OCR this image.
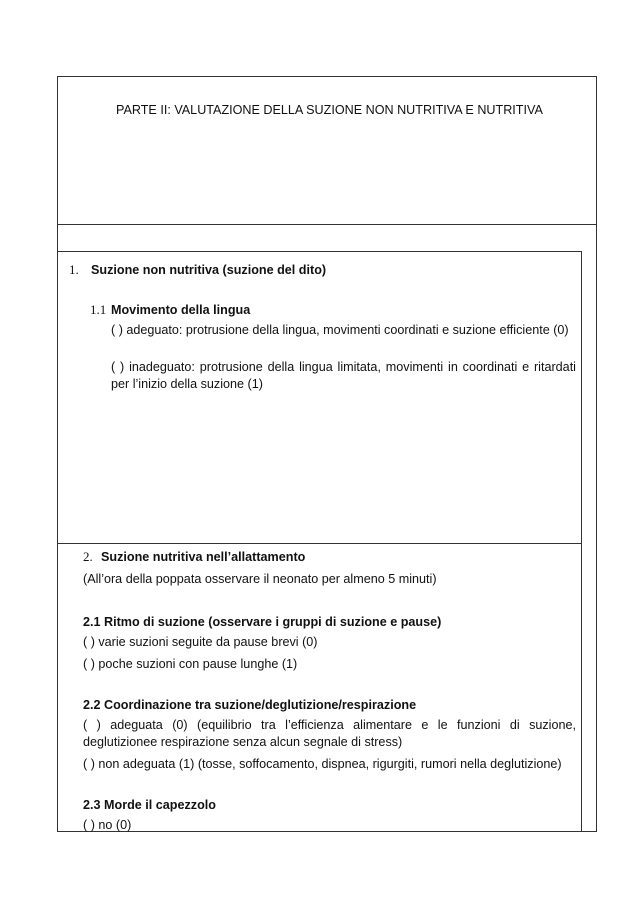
PARTE II: VALUTAZIONE DELLA SUZIONE NON NUTRITIVA E NUTRITIVA
1. Suzione non nutritiva (suzione del dito)
1.1 Movimento della lingua
( ) adeguato: protrusione della lingua, movimenti coordinati e suzione efficiente (0)
( ) inadeguato: protrusione della lingua limitata, movimenti in coordinati e ritardati per l’inizio della suzione (1)
2. Suzione nutritiva nell’allattamento
(All’ora della poppata osservare il neonato per almeno 5 minuti)
2.1 Ritmo di suzione (osservare i gruppi di suzione e pause)
( ) varie suzioni seguite da pause brevi (0)
( ) poche suzioni con pause lunghe (1)
2.2 Coordinazione tra suzione/deglutizione/respirazione
( ) adeguata (0) (equilibrio tra l’efficienza alimentare e le funzioni di suzione, deglutizionee respirazione senza alcun segnale di stress)
( ) non adeguata (1) (tosse, soffocamento, dispnea, rigurgiti, rumori nella deglutizione)
2.3 Morde il capezzolo
( ) no (0)
